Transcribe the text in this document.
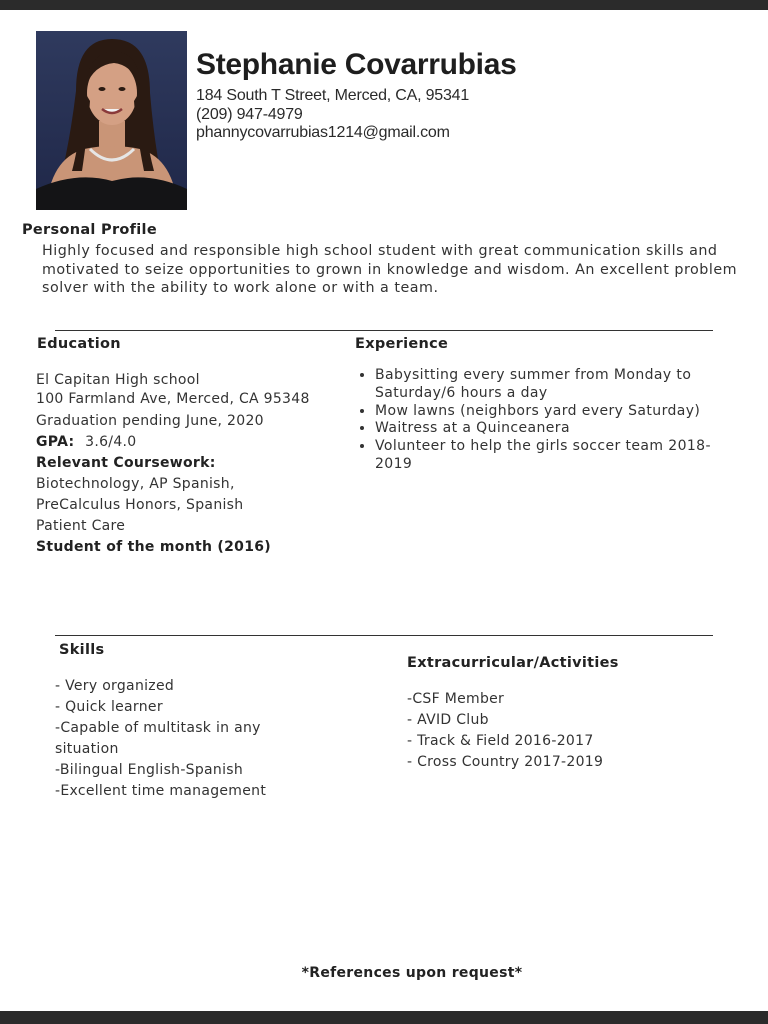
Stephanie Covarrubias
184 South T Street, Merced, CA, 95341
(209) 947-4979
phannycovarrubias1214@gmail.com
Personal Profile
Highly focused and responsible high school student with great communication skills and motivated to seize opportunities to grown in knowledge and wisdom. An excellent problem solver with the ability to work alone or with a team.
Education
El Capitan High school
100 Farmland Ave, Merced, CA 95348
Graduation pending June, 2020
GPA: 3.6/4.0
Relevant Coursework:
Biotechnology, AP Spanish,
PreCalculus Honors, Spanish
Patient Care
Student of the month (2016)
Experience
• Babysitting every summer from Monday to Saturday/6 hours a day
• Mow lawns (neighbors yard every Saturday)
• Waitress at a Quinceanera
• Volunteer to help the girls soccer team 2018-2019
Skills
- Very organized
- Quick learner
-Capable of multitask in any
situation
-Bilingual English-Spanish
-Excellent time management
Extracurricular/Activities
-CSF Member
- AVID Club
- Track & Field 2016-2017
- Cross Country 2017-2019
*References upon request*
